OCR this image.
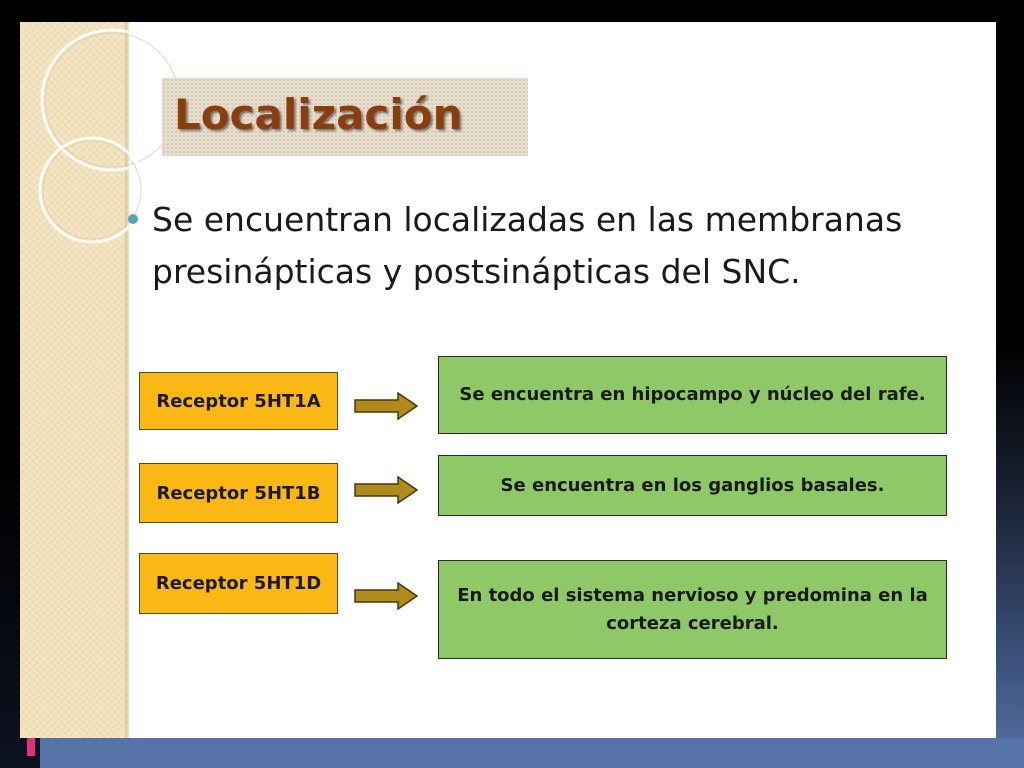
Localización

Se encuentran localizadas en las membranas presinápticas y postsinápticas del SNC.

Receptor 5HT1A	Se encuentra en hipocampo y núcleo del rafe.
Receptor 5HT1B	Se encuentra en los ganglios basales.
Receptor 5HT1D
En todo el sistema nervioso y predomina en la corteza cerebral.
